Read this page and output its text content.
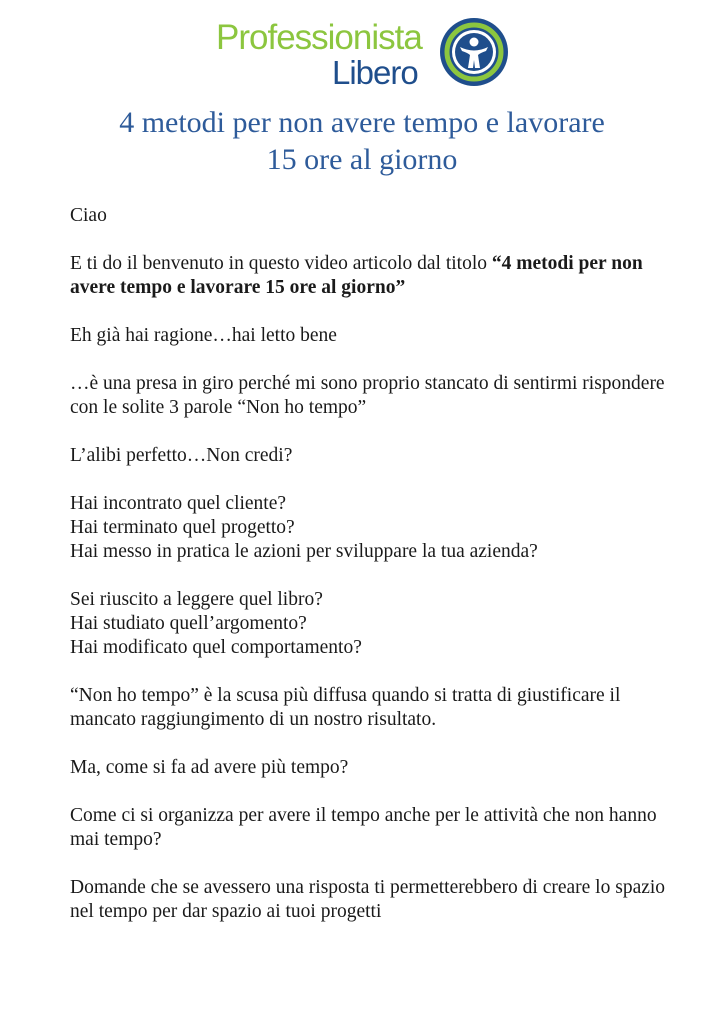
Professionista
Libero
4 metodi per non avere tempo e lavorare
15 ore al giorno

Ciao

E ti do il benvenuto in questo video articolo dal titolo “4 metodi per non avere tempo e lavorare 15 ore al giorno”

Eh già hai ragione…hai letto bene

…è una presa in giro perché mi sono proprio stancato di sentirmi rispondere con le solite 3 parole “Non ho tempo”

L’alibi perfetto…Non credi?

Hai incontrato quel cliente?
Hai terminato quel progetto?
Hai messo in pratica le azioni per sviluppare la tua azienda?

Sei riuscito a leggere quel libro?
Hai studiato quell’argomento?
Hai modificato quel comportamento?

“Non ho tempo” è la scusa più diffusa quando si tratta di giustificare il mancato raggiungimento di un nostro risultato.

Ma, come si fa ad avere più tempo?

Come ci si organizza per avere il tempo anche per le attività che non hanno mai tempo?

Domande che se avessero una risposta ti permetterebbero di creare lo spazio nel tempo per dar spazio ai tuoi progetti
